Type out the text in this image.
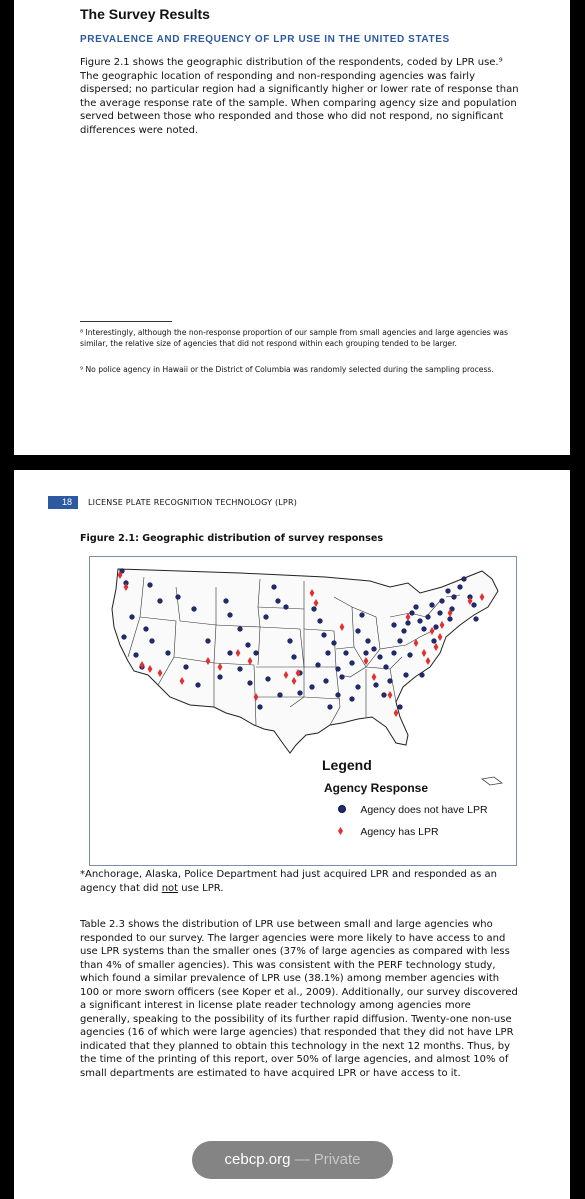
The Survey Results
PREVALENCE AND FREQUENCY OF LPR USE IN THE UNITED STATES

Figure 2.1 shows the geographic distribution of the respondents, coded by LPR use.⁹ The geographic location of responding and non-responding agencies was fairly dispersed; no particular region had a significantly higher or lower rate of response than the average response rate of the sample. When comparing agency size and population served between those who responded and those who did not respond, no significant differences were noted.

⁸ Interestingly, although the non-response proportion of our sample from small agencies and large agencies was similar, the relative size of agencies that did not respond within each grouping tended to be larger.

⁹ No police agency in Hawaii or the District of Columbia was randomly selected during the sampling process.

18	LICENSE PLATE RECOGNITION TECHNOLOGY (LPR)
Figure 2.1: Geographic distribution of survey responses
Legend
Agency Response
Agency does not have LPR
Agency has LPR

*Anchorage, Alaska, Police Department had just acquired LPR and responded as an agency that did not use LPR.

Table 2.3 shows the distribution of LPR use between small and large agencies who responded to our survey. The larger agencies were more likely to have access to and use LPR systems than the smaller ones (37% of large agencies as compared with less than 4% of smaller agencies). This was consistent with the PERF technology study, which found a similar prevalence of LPR use (38.1%) among member agencies with 100 or more sworn officers (see Koper et al., 2009). Additionally, our survey discovered a significant interest in license plate reader technology among agencies more generally, speaking to the possibility of its further rapid diffusion. Twenty-one non-use agencies (16 of which were large agencies) that responded that they did not have LPR indicated that they planned to obtain this technology in the next 12 months. Thus, by the time of the printing of this report, over 50% of large agencies, and almost 10% of small departments are estimated to have acquired LPR or have access to it.

cebcp.org — Private
